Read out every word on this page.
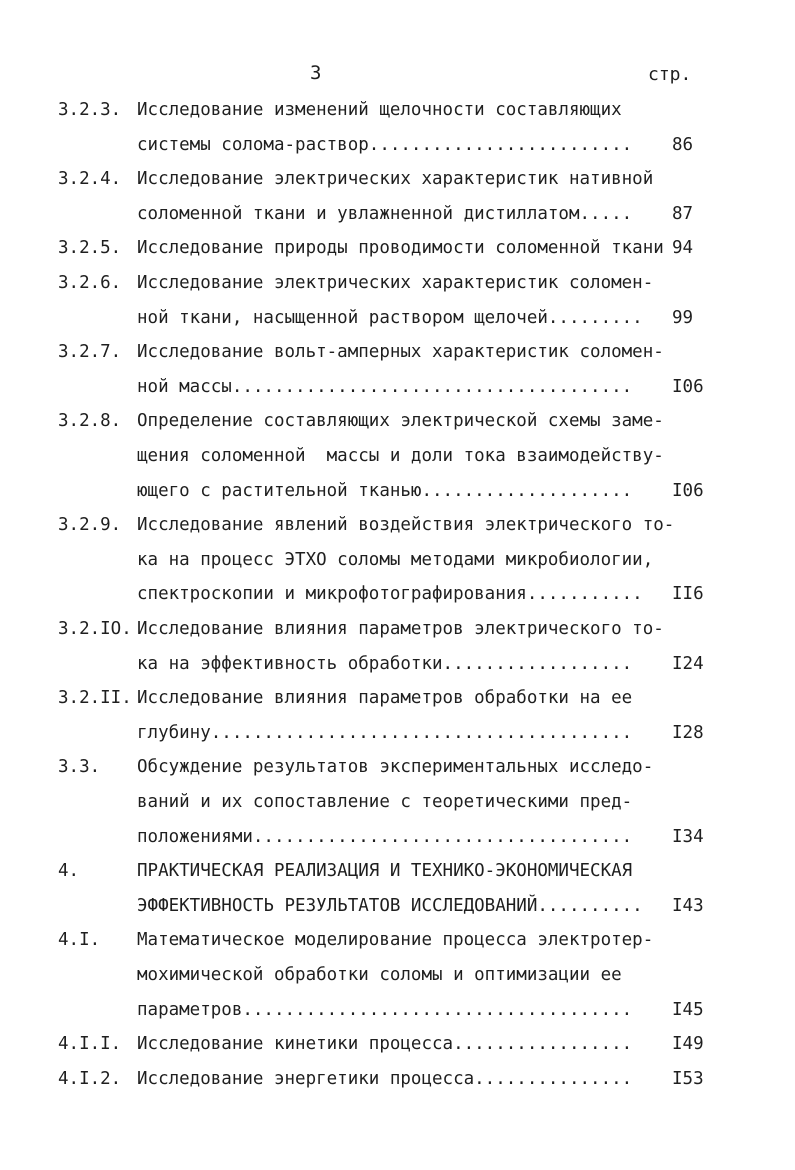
3	стр.
3.2.3. Исследование изменений щелочности составляющих
системы солома-раствор......................... 86
3.2.4. Исследование электрических характеристик нативной
соломенной ткани и увлажненной дистиллатом..... 87
3.2.5. Исследование природы проводимости соломенной ткани 94
3.2.6. Исследование электрических характеристик соломен-
ной ткани, насыщенной раствором щелочей......... 99
3.2.7. Исследование вольт-амперных характеристик соломен-
ной массы...................................... I06
3.2.8. Определение составляющих электрической схемы заме-
щения соломенной  массы и доли тока взаимодейству-
ющего с растительной тканью.................... I06
3.2.9. Исследование явлений воздействия электрического то-
ка на процесс ЭТХО соломы методами микробиологии,
спектроскопии и микрофотографирования........... II6
3.2.IO. Исследование влияния параметров электрического то-
ка на эффективность обработки.................. I24
3.2.II. Исследование влияния параметров обработки на ее
глубину........................................ I28
3.3. Обсуждение результатов экспериментальных исследо-
ваний и их сопоставление с теоретическими пред-
положениями.................................... I34
4.	ПРАКТИЧЕСКАЯ РЕАЛИЗАЦИЯ И ТЕХНИКО-ЭКОНОМИЧЕСКАЯ
ЭФФЕКТИВНОСТЬ РЕЗУЛЬТАТОВ ИССЛЕДОВАНИЙ.......... I43
4.I. Математическое моделирование процесса электротер-
мохимической обработки соломы и оптимизации ее
параметров..................................... I45
4.I.I. Исследование кинетики процесса................. I49
4.I.2. Исследование энергетики процесса............... I53
